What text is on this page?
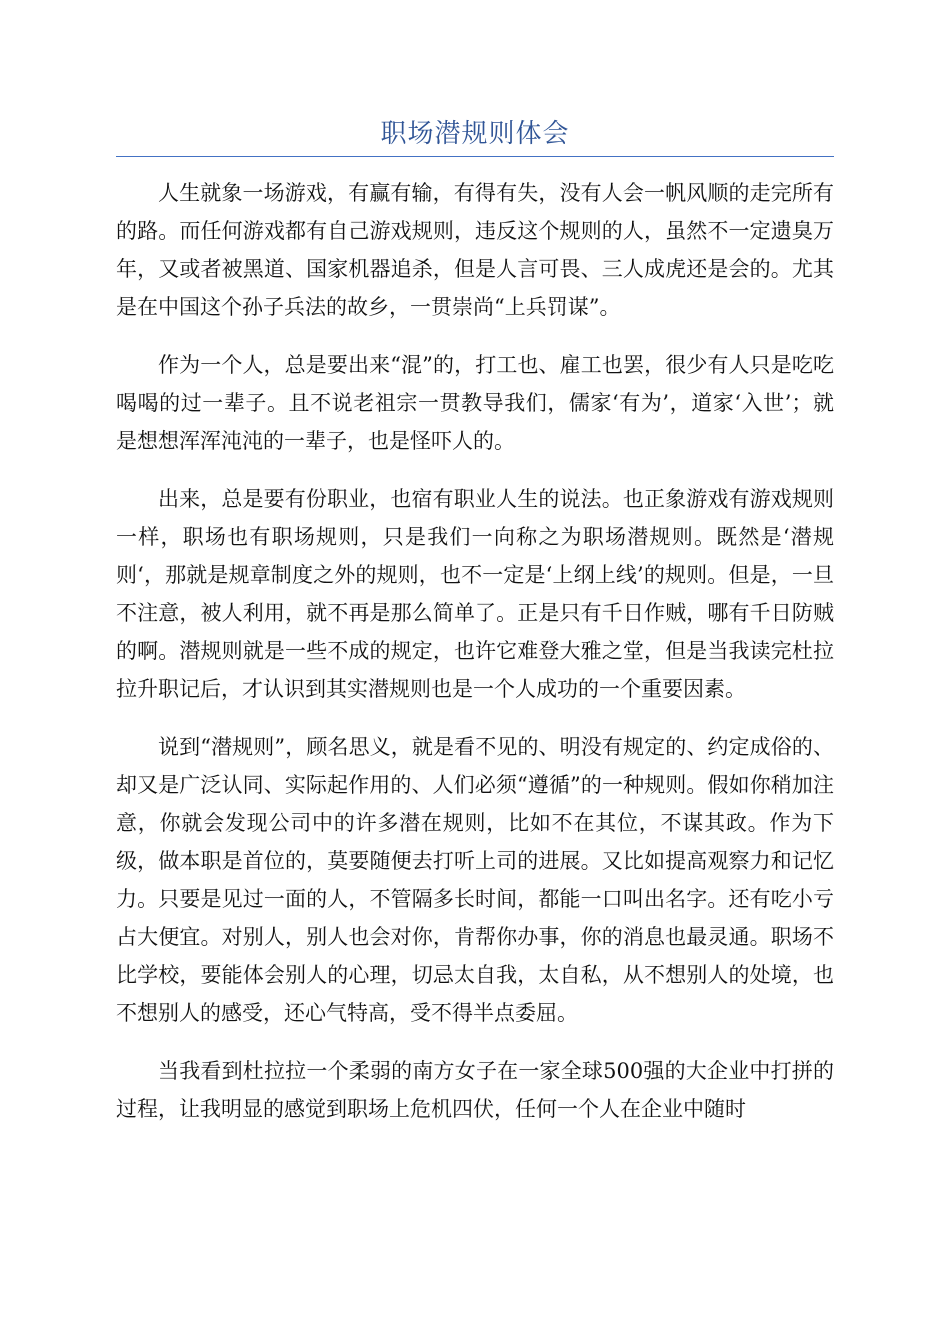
职场潜规则体会

人生就象一场游戏，有赢有输，有得有失，没有人会一帆风顺的走完所有的路。而任何游戏都有自己游戏规则，违反这个规则的人，虽然不一定遗臭万年，又或者被黑道、国家机器追杀，但是人言可畏、三人成虎还是会的。尤其是在中国这个孙子兵法的故乡，一贯崇尚“上兵罚谋”。

作为一个人，总是要出来“混”的，打工也、雇工也罢，很少有人只是吃吃喝喝的过一辈子。且不说老祖宗一贯教导我们，儒家‘有为’，道家‘入世’；就是想想浑浑沌沌的一辈子，也是怪吓人的。

出来，总是要有份职业，也宿有职业人生的说法。也正象游戏有游戏规则一样，职场也有职场规则，只是我们一向称之为职场潜规则。既然是‘潜规则‘，那就是规章制度之外的规则，也不一定是‘上纲上线’的规则。但是，一旦不注意，被人利用，就不再是那么简单了。正是只有千日作贼，哪有千日防贼的啊。潜规则就是一些不成的规定，也许它难登大雅之堂，但是当我读完杜拉拉升职记后，才认识到其实潜规则也是一个人成功的一个重要因素。

说到“潜规则”，顾名思义，就是看不见的、明没有规定的、约定成俗的、却又是广泛认同、实际起作用的、人们必须“遵循”的一种规则。假如你稍加注意，你就会发现公司中的许多潜在规则，比如不在其位，不谋其政。作为下级，做本职是首位的，莫要随便去打听上司的进展。又比如提高观察力和记忆力。只要是见过一面的人，不管隔多长时间，都能一口叫出名字。还有吃小亏占大便宜。对别人，别人也会对你，肯帮你办事，你的消息也最灵通。职场不比学校，要能体会别人的心理，切忌太自我，太自私，从不想别人的处境，也不想别人的感受，还心气特高，受不得半点委屈。

当我看到杜拉拉一个柔弱的南方女子在一家全球500强的大企业中打拼的过程，让我明显的感觉到职场上危机四伏，任何一个人在企业中随时
